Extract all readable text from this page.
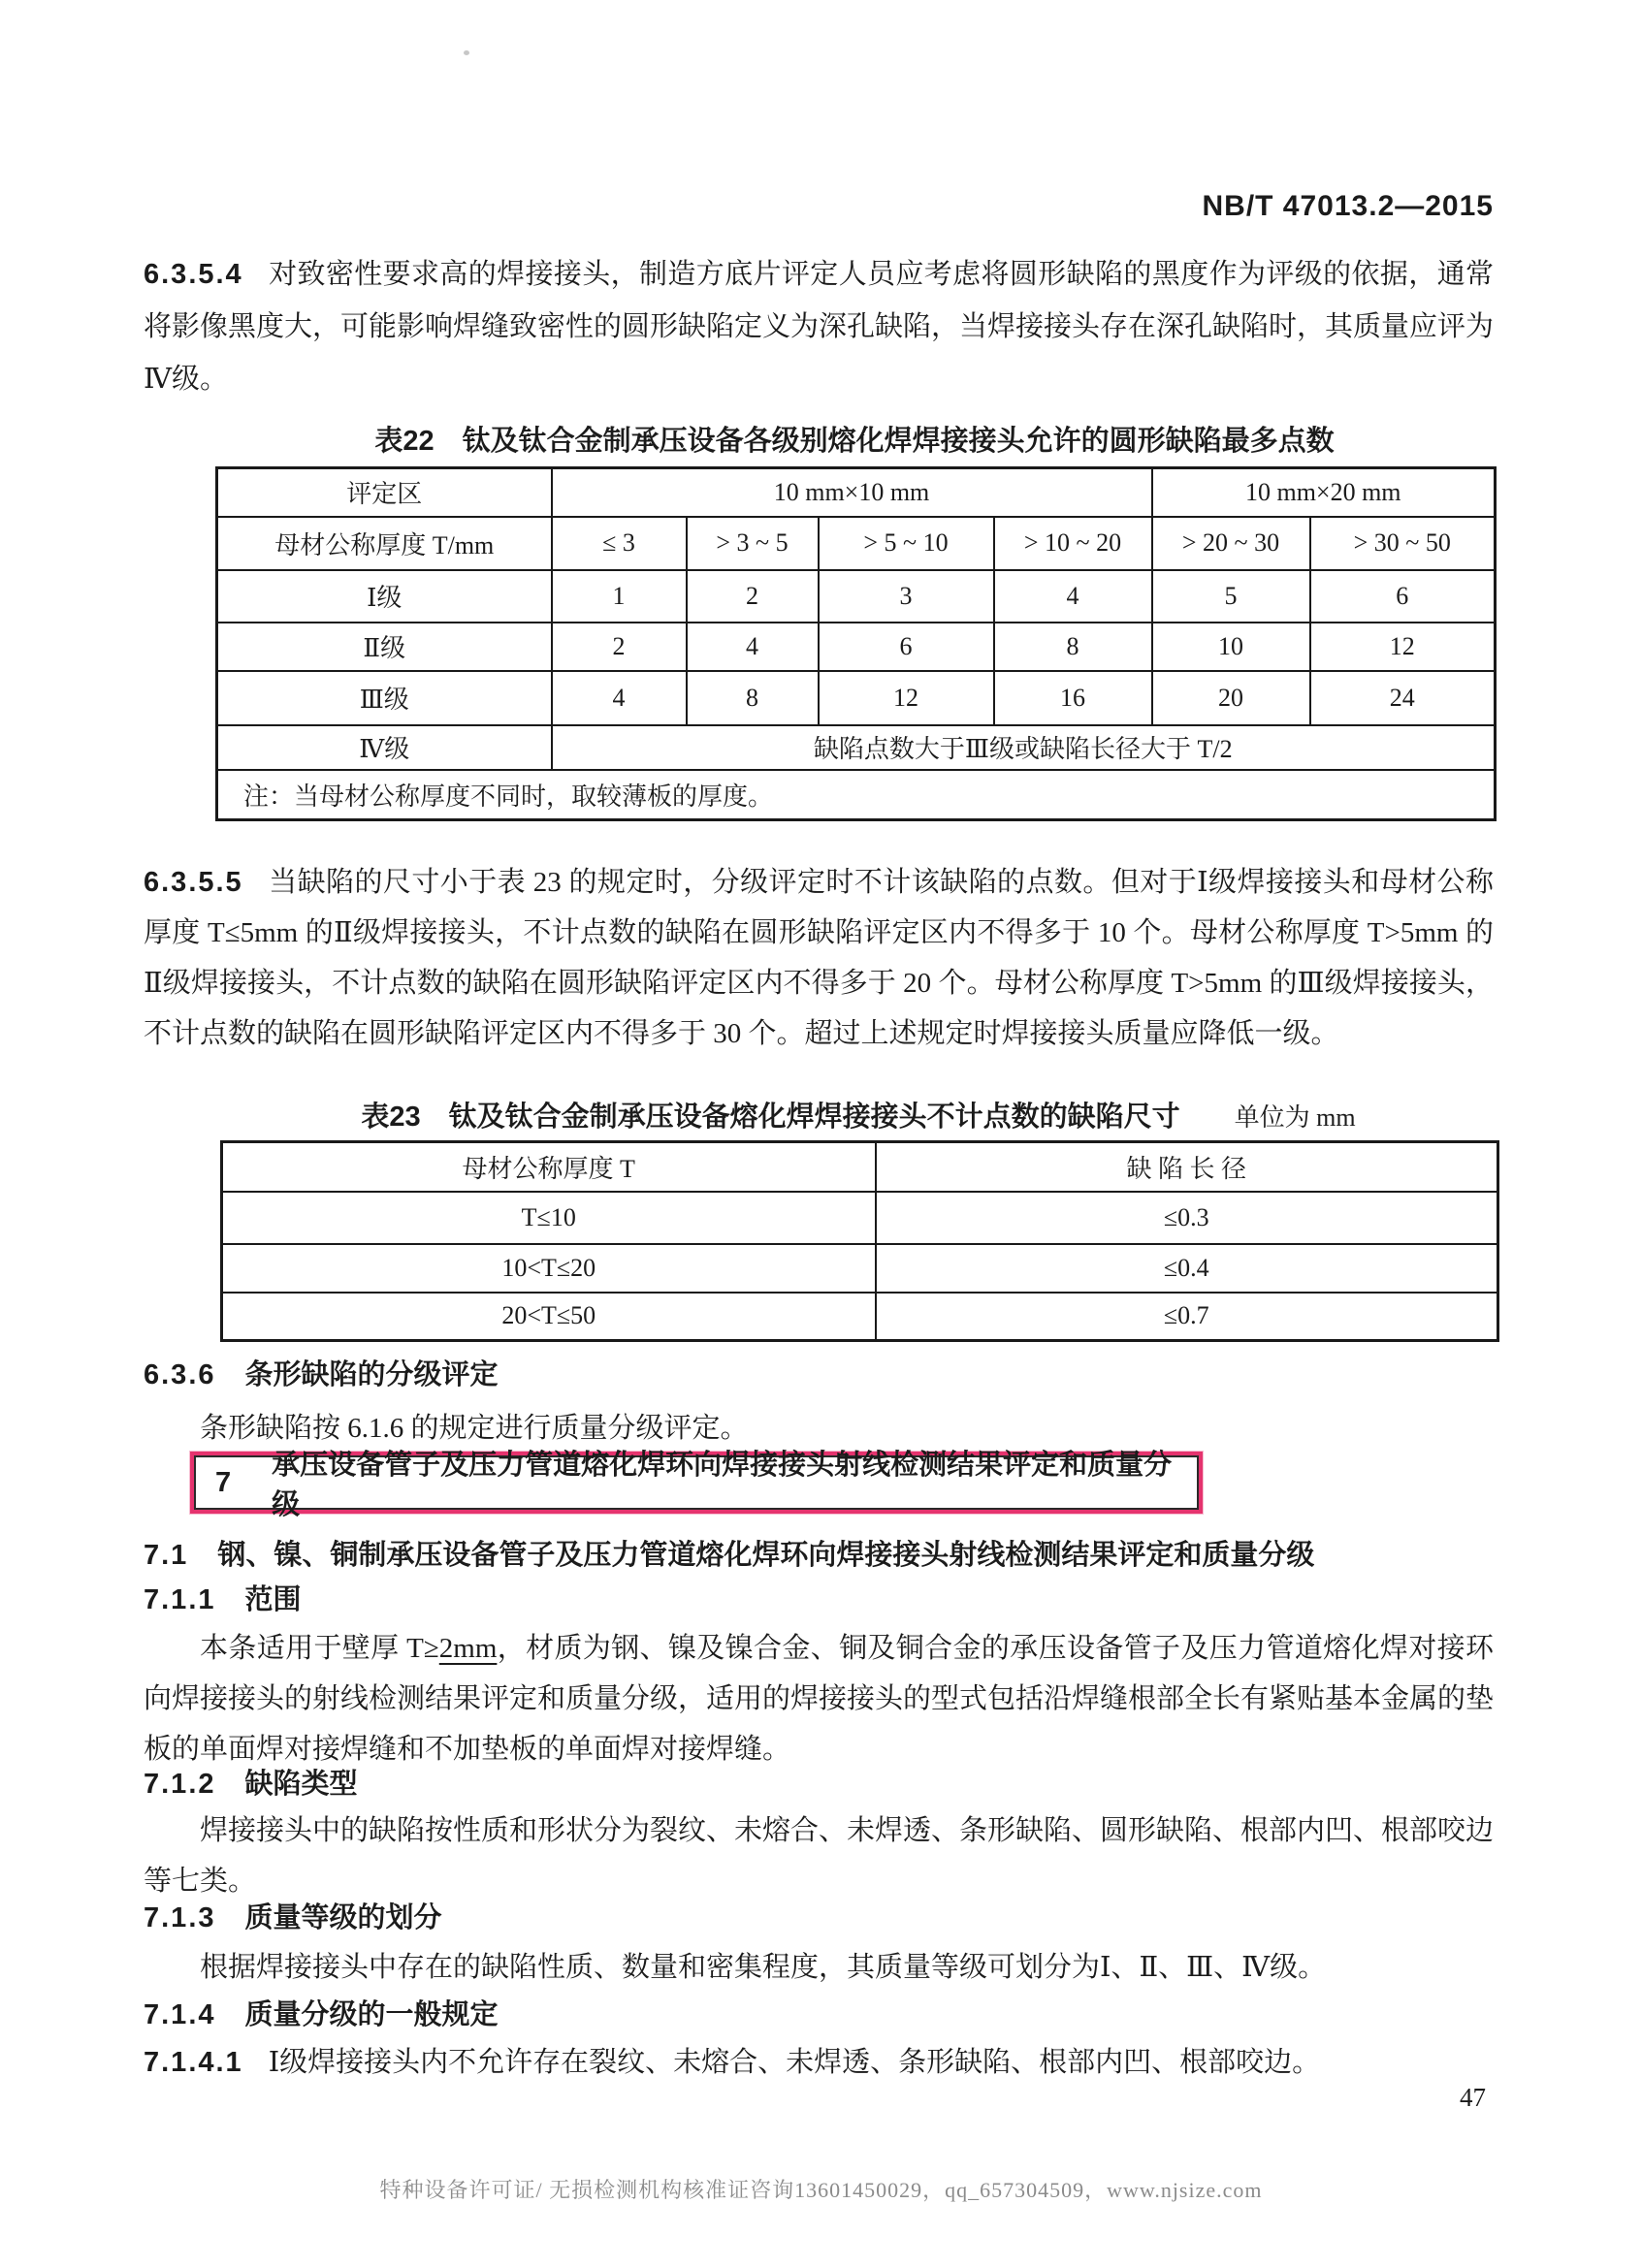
NB/T 47013.2—2015

6.3.5.4 对致密性要求高的焊接接头，制造方底片评定人员应考虑将圆形缺陷的黑度作为评级的依据，通常将影像黑度大，可能影响焊缝致密性的圆形缺陷定义为深孔缺陷，当焊接接头存在深孔缺陷时，其质量应评为Ⅳ级。

表22　钛及钛合金制承压设备各级别熔化焊焊接接头允许的圆形缺陷最多点数
评定区	10 mm×10 mm				10 mm×20 mm	
母材公称厚度 T/mm	≤ 3	> 3 ~ 5	> 5 ~ 10	> 10 ~ 20	> 20 ~ 30	> 30 ~ 50
Ⅰ级	1	2	3	4	5	6
Ⅱ级	2	4	6	8	10	12
Ⅲ级	4	8	12	16	20	24
Ⅳ级	缺陷点数大于Ⅲ级或缺陷长径大于 T/2					
注：当母材公称厚度不同时，取较薄板的厚度。						

6.3.5.5 当缺陷的尺寸小于表 23 的规定时，分级评定时不计该缺陷的点数。但对于Ⅰ级焊接接头和母材公称厚度 T≤5mm 的Ⅱ级焊接接头，不计点数的缺陷在圆形缺陷评定区内不得多于 10 个。母材公称厚度 T>5mm 的Ⅱ级焊接接头，不计点数的缺陷在圆形缺陷评定区内不得多于 20 个。母材公称厚度 T>5mm 的Ⅲ级焊接接头，不计点数的缺陷在圆形缺陷评定区内不得多于 30 个。超过上述规定时焊接接头质量应降低一级。

表23　钛及钛合金制承压设备熔化焊焊接接头不计点数的缺陷尺寸 单位为 mm
母材公称厚度 T	缺 陷 长 径
T≤10	≤0.3
10<T≤20	≤0.4
20<T≤50	≤0.7
6.3.6 条形缺陷的分级评定

条形缺陷按 6.1.6 的规定进行质量分级评定。

7
承压设备管子及压力管道熔化焊环向焊接接头射线检测结果评定和质量分级
7.1 钢、镍、铜制承压设备管子及压力管道熔化焊环向焊接接头射线检测结果评定和质量分级
7.1.1 范围

本条适用于壁厚 T≥2mm，材质为钢、镍及镍合金、铜及铜合金的承压设备管子及压力管道熔化焊对接环向焊接接头的射线检测结果评定和质量分级，适用的焊接接头的型式包括沿焊缝根部全长有紧贴基本金属的垫板的单面焊对接焊缝和不加垫板的单面焊对接焊缝。

7.1.2 缺陷类型

焊接接头中的缺陷按性质和形状分为裂纹、未熔合、未焊透、条形缺陷、圆形缺陷、根部内凹、根部咬边等七类。

7.1.3 质量等级的划分

根据焊接接头中存在的缺陷性质、数量和密集程度，其质量等级可划分为Ⅰ、Ⅱ、Ⅲ、Ⅳ级。

7.1.4 质量分级的一般规定

7.1.4.1 Ⅰ级焊接接头内不允许存在裂纹、未熔合、未焊透、条形缺陷、根部内凹、根部咬边。

47
特种设备许可证/ 无损检测机构核准证咨询13601450029，qq_657304509，www.njsize.com
